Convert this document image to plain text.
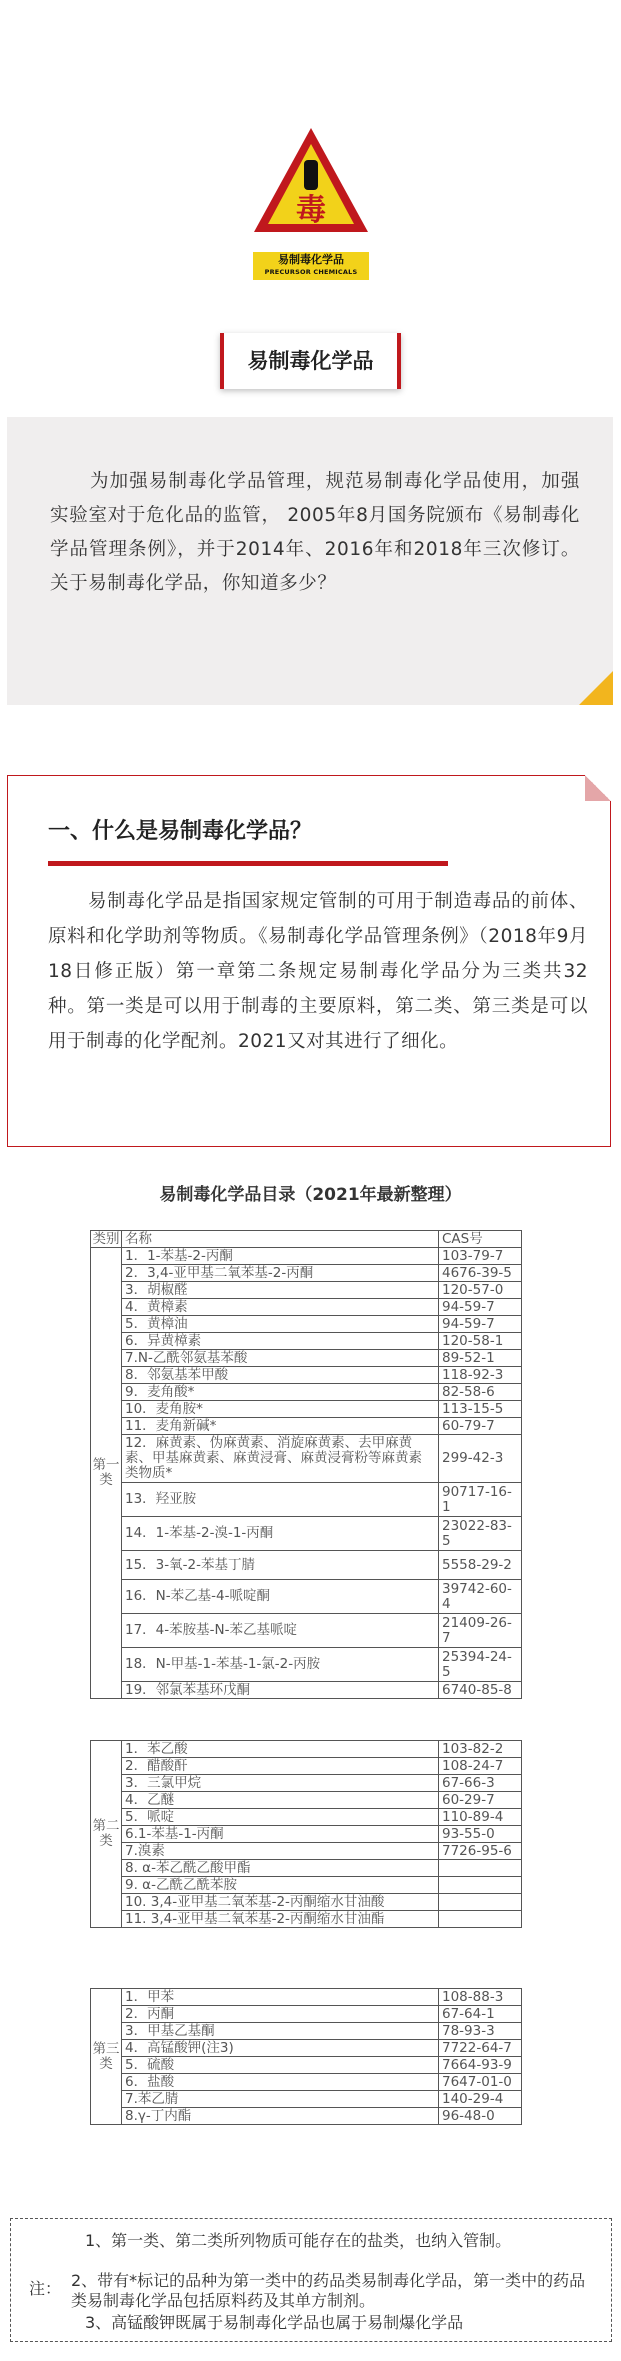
毒
易制毒化学品
PRECURSOR CHEMICALS
易制毒化学品

为加强易制毒化学品管理，规范易制毒化学品使用，加强实验室对于危化品的监管， 2005年8月国务院颁布《易制毒化学品管理条例》，并于2014年、2016年和2018年三次修订。关于易制毒化学品，你知道多少？

一、什么是易制毒化学品？

易制毒化学品是指国家规定管制的可用于制造毒品的前体、原料和化学助剂等物质。《易制毒化学品管理条例》（2018年9月18日修正版）第一章第二条规定易制毒化学品分为三类共32种。第一类是可以用于制毒的主要原料，第二类、第三类是可以用于制毒的化学配剂。2021又对其进行了细化。

易制毒化学品目录（2021年最新整理）
类别	名称	CAS号
第一类	1．1-苯基-2-丙酮	103-79-7
	2．3,4-亚甲基二氧苯基-2-丙酮	4676-39-5
	3．胡椒醛	120-57-0
	4．黄樟素	94-59-7
	5．黄樟油	94-59-7
	6．异黄樟素	120-58-1
	7.N-乙酰邻氨基苯酸	89-52-1
	8．邻氨基苯甲酸	118-92-3
	9．麦角酸*	82-58-6
	10．麦角胺*	113-15-5
	11．麦角新碱*	60-79-7
	12．麻黄素、伪麻黄素、消旋麻黄素、去甲麻黄素、甲基麻黄素、麻黄浸膏、麻黄浸膏粉等麻黄素类物质*	299-42-3
	13．羟亚胺	90717-16-1
	14．1-苯基-2-溴-1-丙酮	23022-83-5
	15．3-氧-2-苯基丁腈	5558-29-2
	16．N-苯乙基-4-哌啶酮	39742-60-4
	17．4-苯胺基-N-苯乙基哌啶	21409-26-7
	18．N-甲基-1-苯基-1-氯-2-丙胺	25394-24-5
	19．邻氯苯基环戊酮	6740-85-8
第二类	1．苯乙酸	103-82-2
	2．醋酸酐	108-24-7
	3．三氯甲烷	67-66-3
	4．乙醚	60-29-7
	5．哌啶	110-89-4
	6.1-苯基-1-丙酮	93-55-0
	7.溴素	7726-95-6
	8. α-苯乙酰乙酸甲酯	
	9. α-乙酰乙酰苯胺	
	10. 3,4-亚甲基二氧苯基-2-丙酮缩水甘油酸	
	11. 3,4-亚甲基二氧苯基-2-丙酮缩水甘油酯	
第三类	1．甲苯	108-88-3
	2．丙酮	67-64-1
	3．甲基乙基酮	78-93-3
	4．高锰酸钾(注3)	7722-64-7
	5．硫酸	7664-93-9
	6．盐酸	7647-01-0
	7.苯乙腈	140-29-4
	8.γ-丁内酯	96-48-0
注：
1、第一类、第二类所列物质可能存在的盐类，也纳入管制。
2、带有*标记的品种为第一类中的药品类易制毒化学品，第一类中的药品类易制毒化学品包括原料药及其单方制剂。
3、高锰酸钾既属于易制毒化学品也属于易制爆化学品
